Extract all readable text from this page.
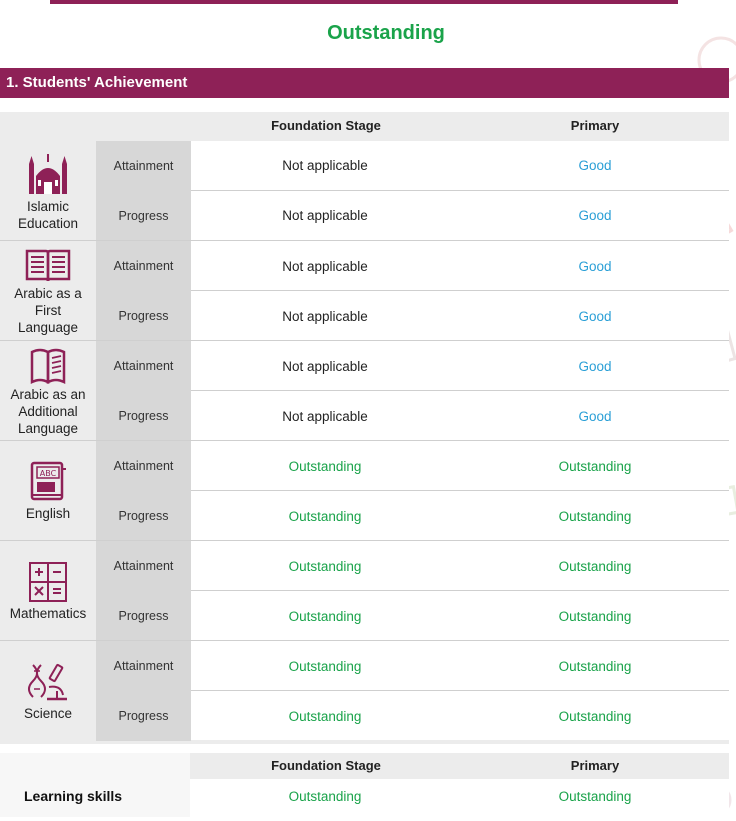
Outstanding
1. Students' Achievement
Foundation Stage	Primary
Islamic
Education
Attainment	Not applicable	Good
Progress	Not applicable	Good
Arabic as a
First
Language
Attainment	Not applicable	Good
Progress	Not applicable	Good
Arabic as an
Additional
Language
Attainment	Not applicable	Good
Progress	Not applicable	Good
ABC
English
Attainment	Outstanding	Outstanding
Progress	Outstanding	Outstanding
Mathematics
Attainment	Outstanding	Outstanding
Progress	Outstanding	Outstanding
Science
Attainment	Outstanding	Outstanding
Progress	Outstanding	Outstanding
Foundation Stage	Primary
Learning skills	Outstanding	Outstanding
